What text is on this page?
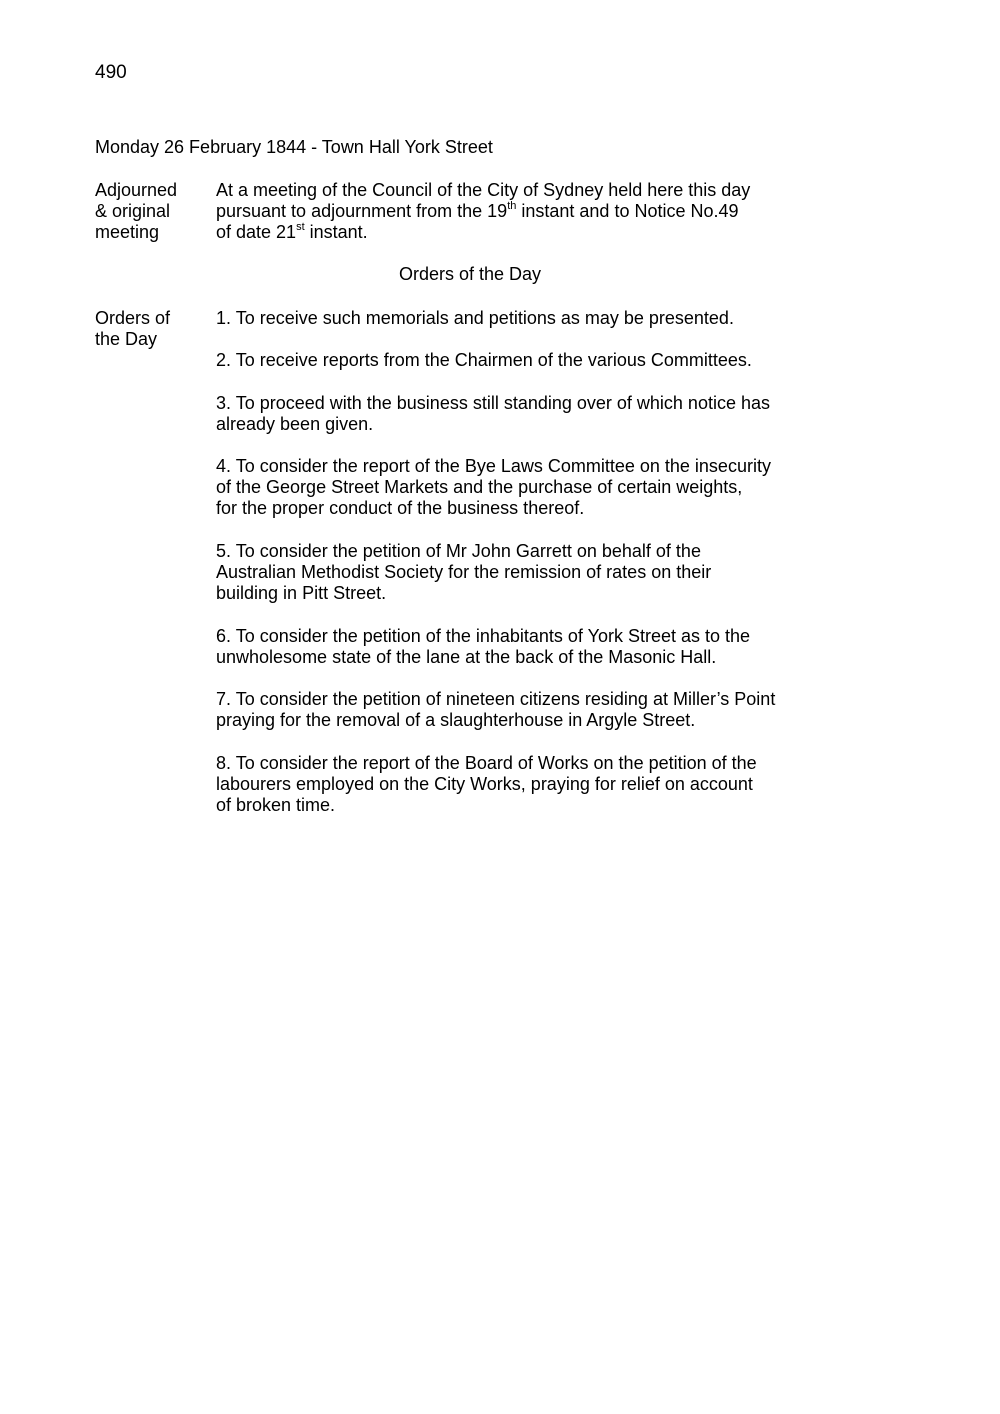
490
Monday 26 February 1844 - Town Hall York Street
Adjourned
& original
meeting
At a meeting of the Council of the City of Sydney held here this day
pursuant to adjournment from the 19th instant and to Notice No.49
of date 21st instant.
Orders of the Day
Orders of
the Day
1. To receive such memorials and petitions as may be presented.
2. To receive reports from the Chairmen of the various Committees.
3. To proceed with the business still standing over of which notice has
already been given.
4. To consider the report of the Bye Laws Committee on the insecurity
of the George Street Markets and the purchase of certain weights,
for the proper conduct of the business thereof.
5. To consider the petition of Mr John Garrett on behalf of the
Australian Methodist Society for the remission of rates on their
building in Pitt Street.
6. To consider the petition of the inhabitants of York Street as to the
unwholesome state of the lane at the back of the Masonic Hall.
7. To consider the petition of nineteen citizens residing at Miller’s Point
praying for the removal of a slaughterhouse in Argyle Street.
8. To consider the report of the Board of Works on the petition of the
labourers employed on the City Works, praying for relief on account
of broken time.
